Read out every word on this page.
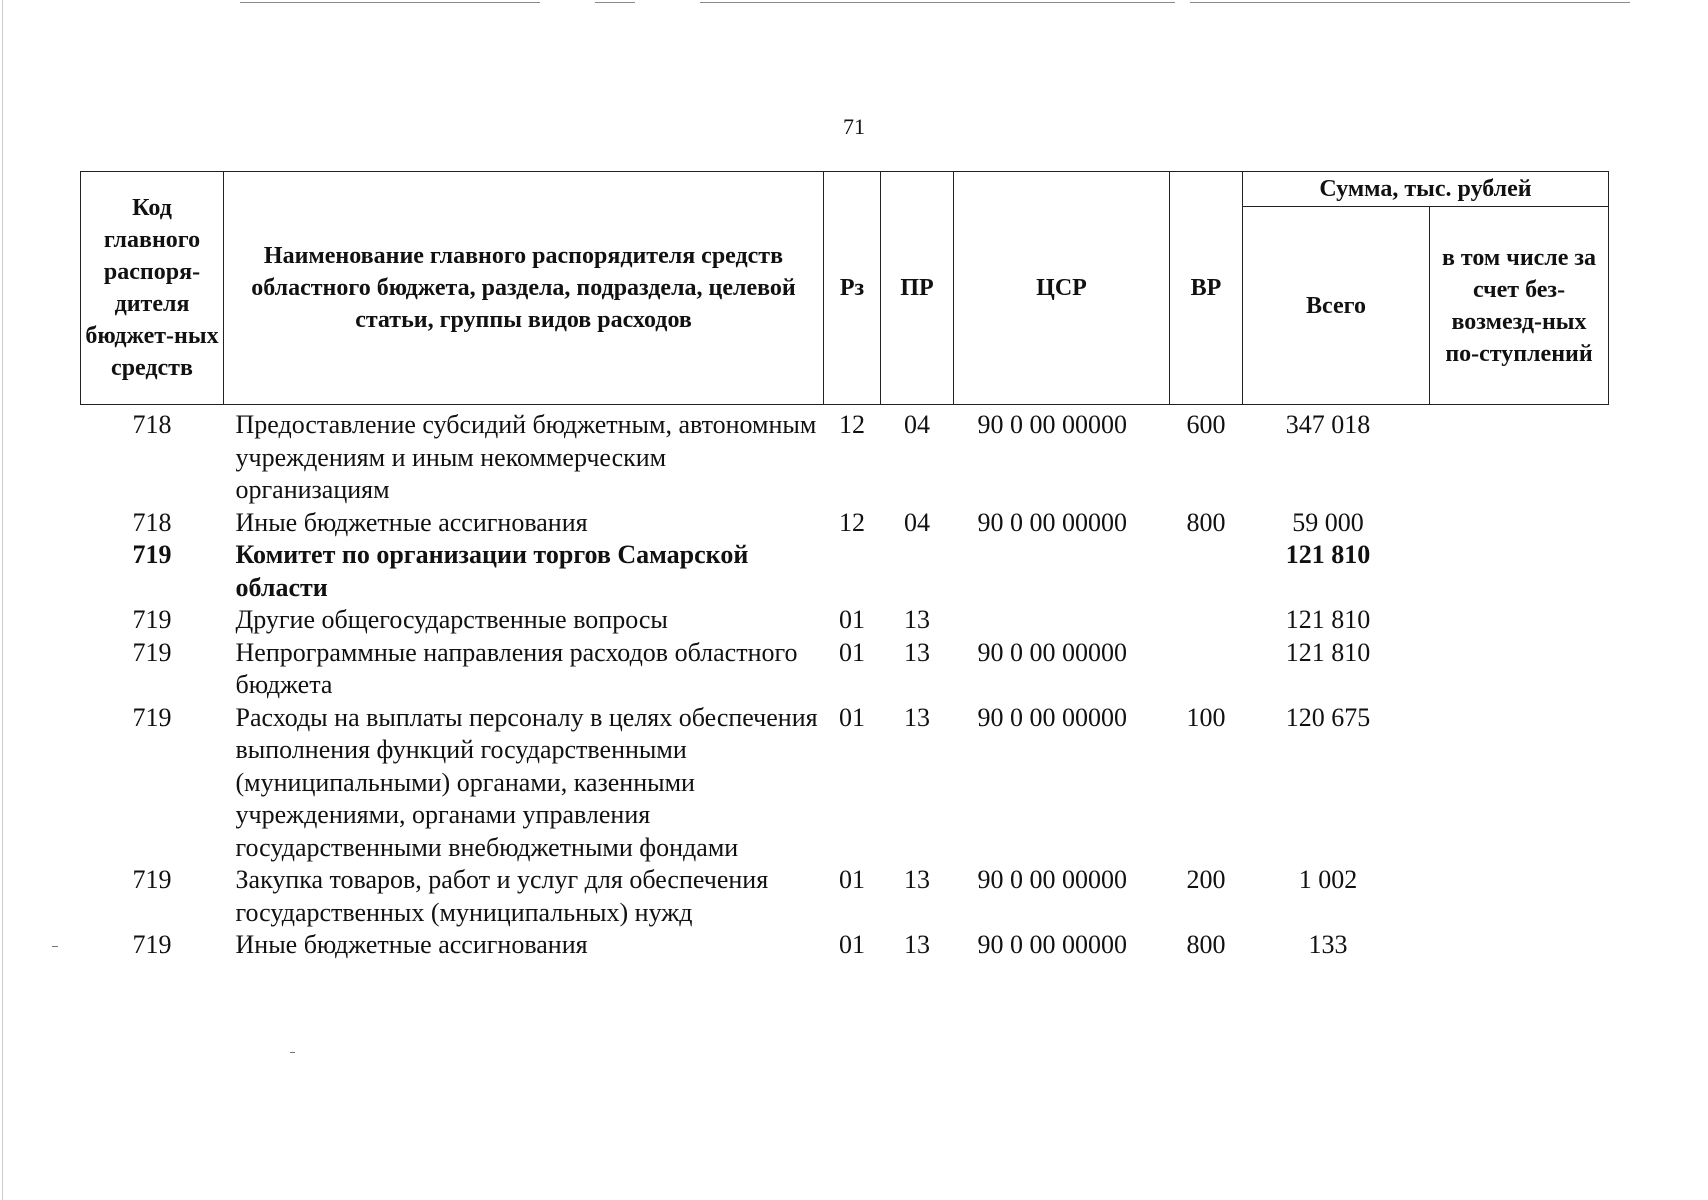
71
Код главного распоря-дителя бюджет-ных средств	Наименование главного распорядителя средств областного бюджета, раздела, подраздела, целевой статьи, группы видов расходов	Рз	ПР	ЦСР	ВР	Сумма, тыс. рублей	
						Всего	в том числе за счет без-возмезд-ных по-ступлений
718	Предоставление субсидий бюджетным, автономным учреждениям и иным некоммерческим организациям	12	04	90 0 00 00000	600	347 018	
718	Иные бюджетные ассигнования	12	04	90 0 00 00000	800	59 000	
719	Комитет по организации торгов Самарской области					121 810	
719	Другие общегосударственные вопросы	01	13			121 810	
719	Непрограммные направления расходов областного бюджета	01	13	90 0 00 00000		121 810	
719	Расходы на выплаты персоналу в целях обеспечения выполнения функций государственными (муниципальными) органами, казенными учреждениями, органами управления государственными внебюджетными фондами	01	13	90 0 00 00000	100	120 675	
719	Закупка товаров, работ и услуг для обеспечения государственных (муниципальных) нужд	01	13	90 0 00 00000	200	1 002	
719	Иные бюджетные ассигнования	01	13	90 0 00 00000	800	133	
